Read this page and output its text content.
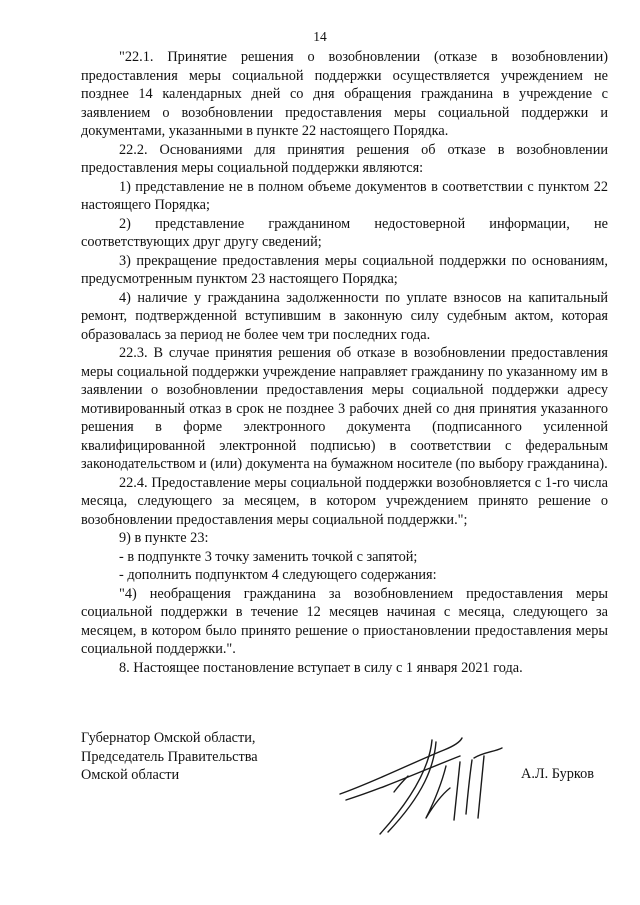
14

"22.1. Принятие решения о возобновлении (отказе в возобновлении) предоставления меры социальной поддержки осуществляется учреждением не позднее 14 календарных дней со дня обращения гражданина в учреждение с заявлением о возобновлении предоставления меры социальной поддержки и документами, указанными в пункте 22 настоящего Порядка.

22.2. Основаниями для принятия решения об отказе в возобновлении предоставления меры социальной поддержки являются:

1) представление не в полном объеме документов в соответствии с пунктом 22 настоящего Порядка;

2) представление гражданином недостоверной информации, не соответствующих друг другу сведений;

3) прекращение предоставления меры социальной поддержки по основаниям, предусмотренным пунктом 23 настоящего Порядка;

4) наличие у гражданина задолженности по уплате взносов на капитальный ремонт, подтвержденной вступившим в законную силу судебным актом, которая образовалась за период не более чем три последних года.

22.3. В случае принятия решения об отказе в возобновлении предоставления меры социальной поддержки учреждение направляет гражданину по указанному им в заявлении о возобновлении предоставления меры социальной поддержки адресу мотивированный отказ в срок не позднее 3 рабочих дней со дня принятия указанного решения в форме электронного документа (подписанного усиленной квалифицированной электронной подписью) в соответствии с федеральным законодательством и (или) документа на бумажном носителе (по выбору гражданина).

22.4. Предоставление меры социальной поддержки возобновляется с 1-го числа месяца, следующего за месяцем, в котором учреждением принято решение о возобновлении предоставления меры социальной поддержки.";

9) в пункте 23:

- в подпункте 3 точку заменить точкой с запятой;

- дополнить подпунктом 4 следующего содержания:

"4) необращения гражданина за возобновлением предоставления меры социальной поддержки в течение 12 месяцев начиная с месяца, следующего за месяцем, в котором было принято решение о приостановлении предоставления меры социальной поддержки.".

8. Настоящее постановление вступает в силу с 1 января 2021 года.

Губернатор Омской области,
Председатель Правительства
Омской области	А.Л. Бурков
